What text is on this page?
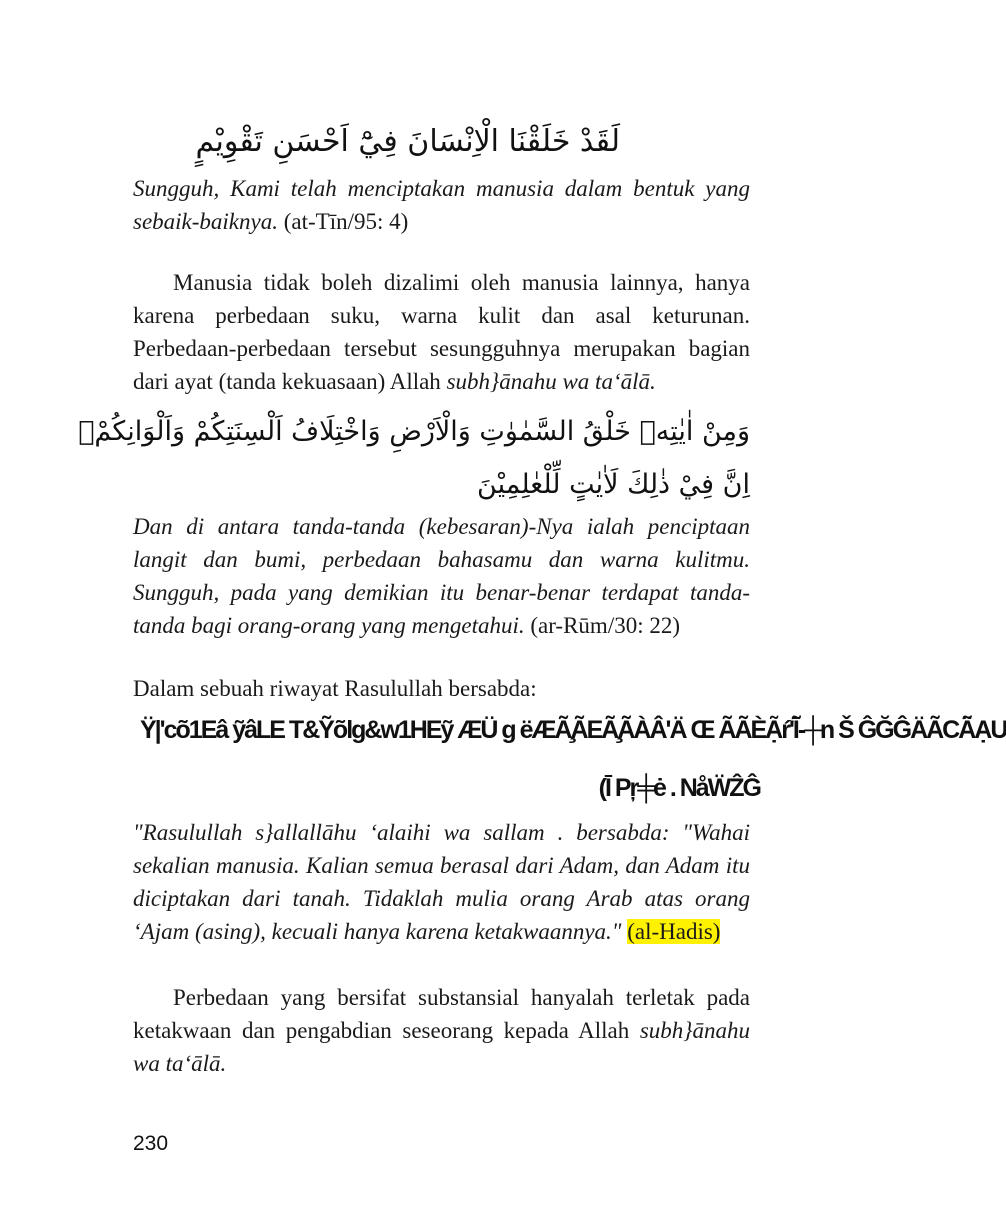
لَقَدْ خَلَقْنَا الْاِنْسَانَ فِيْٓ اَحْسَنِ تَقْوِيْمٍ
Sungguh, Kami telah menciptakan manusia dalam bentuk yang sebaik-baiknya. (at-Tīn/95: 4)
Manusia tidak boleh dizalimi oleh manusia lainnya, hanya karena perbedaan suku, warna kulit dan asal keturunan. Perbedaan-perbedaan tersebut sesungguhnya merupakan bagian dari ayat (tanda kekuasaan) Allah subh}ānahu wa ta‘ālā.
وَمِنْ اٰيٰتِهٖ خَلْقُ السَّمٰوٰتِ وَالْاَرْضِ وَاخْتِلَافُ اَلْسِنَتِكُمْ وَاَلْوَانِكُمْۗ
اِنَّ فِيْ ذٰلِكَ لَاٰيٰتٍ لِّلْعٰلِمِيْنَ
Dan di antara tanda-tanda (kebesaran)-Nya ialah penciptaan langit dan bumi, perbedaan bahasamu dan warna kulitmu. Sungguh, pada yang demikian itu benar-benar terdapat tanda-tanda bagi orang-orang yang mengetahui. (ar-Rūm/30: 22)
Dalam sebuah riwayat Rasulullah bersabda:
Ÿ|'cõ1Eâ ỹâLE T&Ỹõlg&w1HEỹ ÆÜ g ëÆÃ̧ÃEÃ̧ÃÀÂ'Ä Œ ÃÃÈẠ̃ŕ'Ĩ̄-┼n Š ĜĞĜÄÃCÃ̈ẠU
(Ī Pŗ╪ė . NåẄẐĜ
"Rasulullah s}allallāhu ‘alaihi wa sallam . bersabda: "Wahai sekalian manusia. Kalian semua berasal dari Adam, dan Adam itu diciptakan dari tanah. Tidaklah mulia orang Arab atas orang ‘Ajam (asing), kecuali hanya karena ketakwaannya." (al-Hadis)
Perbedaan yang bersifat substansial hanyalah terletak pada ketakwaan dan pengabdian seseorang kepada Allah subh}ānahu wa ta‘ālā.
230
